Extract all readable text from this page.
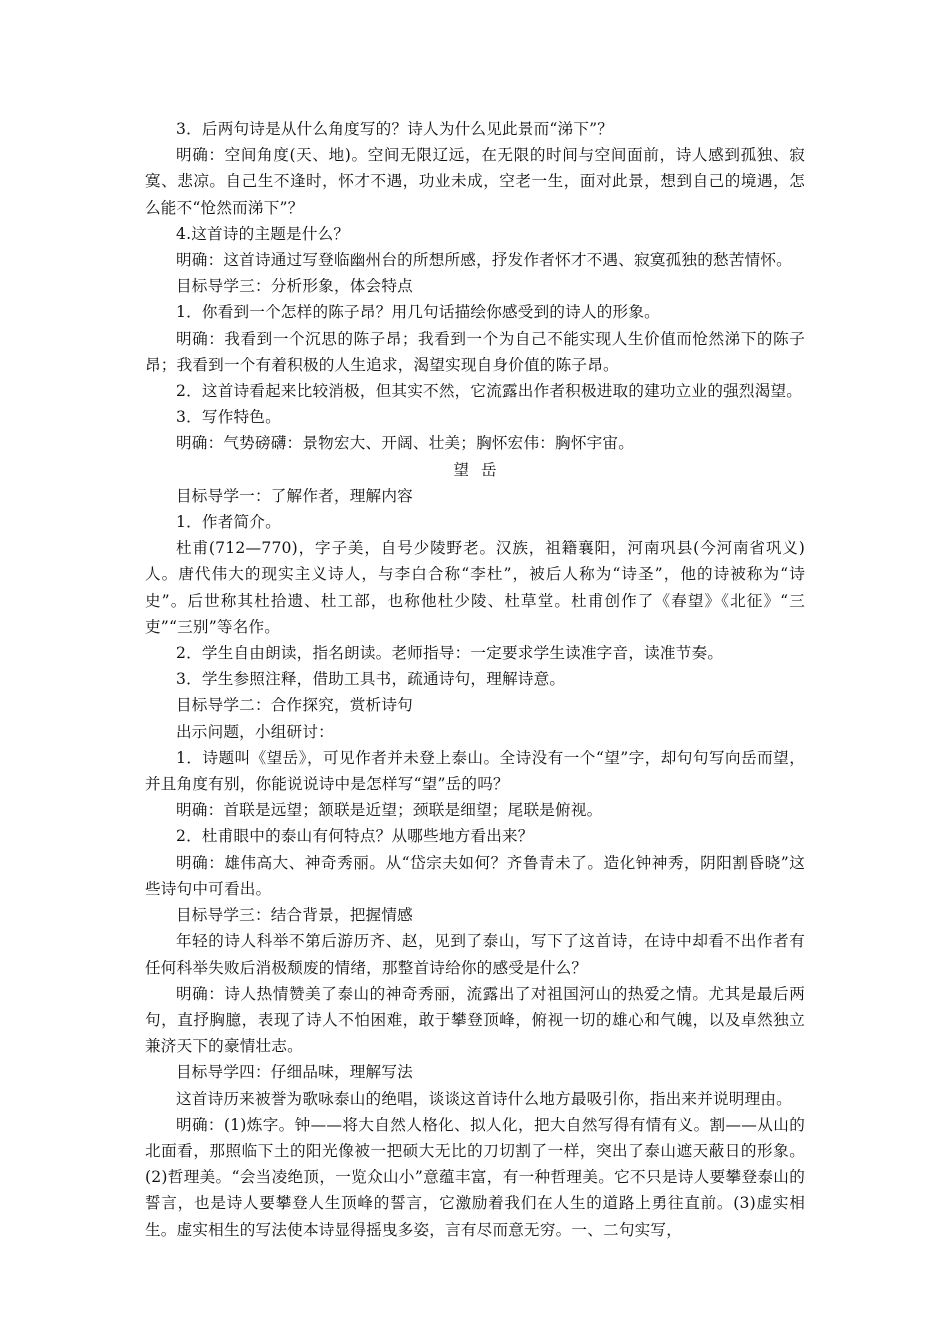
3．后两句诗是从什么角度写的？诗人为什么见此景而“涕下”？

明确：空间角度(天、地)。空间无限辽远，在无限的时间与空间面前，诗人感到孤独、寂寞、悲凉。自己生不逢时，怀才不遇，功业未成，空老一生，面对此景，想到自己的境遇，怎么能不“怆然而涕下”？

4.这首诗的主题是什么？

明确：这首诗通过写登临幽州台的所想所感，抒发作者怀才不遇、寂寞孤独的愁苦情怀。

目标导学三：分析形象，体会特点

1．你看到一个怎样的陈子昂？用几句话描绘你感受到的诗人的形象。

明确：我看到一个沉思的陈子昂；我看到一个为自己不能实现人生价值而怆然涕下的陈子昂；我看到一个有着积极的人生追求，渴望实现自身价值的陈子昂。

2．这首诗看起来比较消极，但其实不然，它流露出作者积极进取的建功立业的强烈渴望。

3．写作特色。

明确：气势磅礴：景物宏大、开阔、壮美；胸怀宏伟：胸怀宇宙。

望岳

目标导学一：了解作者，理解内容

1．作者简介。

杜甫(712—770)，字子美，自号少陵野老。汉族，祖籍襄阳，河南巩县(今河南省巩义)人。唐代伟大的现实主义诗人，与李白合称“李杜”，被后人称为“诗圣”，他的诗被称为“诗史”。后世称其杜拾遗、杜工部，也称他杜少陵、杜草堂。杜甫创作了《春望》《北征》“三吏”“三别”等名作。

2．学生自由朗读，指名朗读。老师指导：一定要求学生读准字音，读准节奏。

3．学生参照注释，借助工具书，疏通诗句，理解诗意。

目标导学二：合作探究，赏析诗句

出示问题，小组研讨：

1．诗题叫《望岳》，可见作者并未登上泰山。全诗没有一个“望”字，却句句写向岳而望，并且角度有别，你能说说诗中是怎样写“望”岳的吗？

明确：首联是远望；颔联是近望；颈联是细望；尾联是俯视。

2．杜甫眼中的泰山有何特点？从哪些地方看出来？

明确：雄伟高大、神奇秀丽。从“岱宗夫如何？齐鲁青未了。造化钟神秀，阴阳割昏晓”这些诗句中可看出。

目标导学三：结合背景，把握情感

年轻的诗人科举不第后游历齐、赵，见到了泰山，写下了这首诗，在诗中却看不出作者有任何科举失败后消极颓废的情绪，那整首诗给你的感受是什么？

明确：诗人热情赞美了泰山的神奇秀丽，流露出了对祖国河山的热爱之情。尤其是最后两句，直抒胸臆，表现了诗人不怕困难，敢于攀登顶峰，俯视一切的雄心和气魄，以及卓然独立兼济天下的豪情壮志。

目标导学四：仔细品味，理解写法

这首诗历来被誉为歌咏泰山的绝唱，谈谈这首诗什么地方最吸引你，指出来并说明理由。

明确：(1)炼字。钟——将大自然人格化、拟人化，把大自然写得有情有义。割——从山的北面看，那照临下土的阳光像被一把硕大无比的刀切割了一样，突出了泰山遮天蔽日的形象。(2)哲理美。“会当凌绝顶，一览众山小”意蕴丰富，有一种哲理美。它不只是诗人要攀登泰山的誓言，也是诗人要攀登人生顶峰的誓言，它激励着我们在人生的道路上勇往直前。(3)虚实相生。虚实相生的写法使本诗显得摇曳多姿，言有尽而意无穷。一、二句实写，
